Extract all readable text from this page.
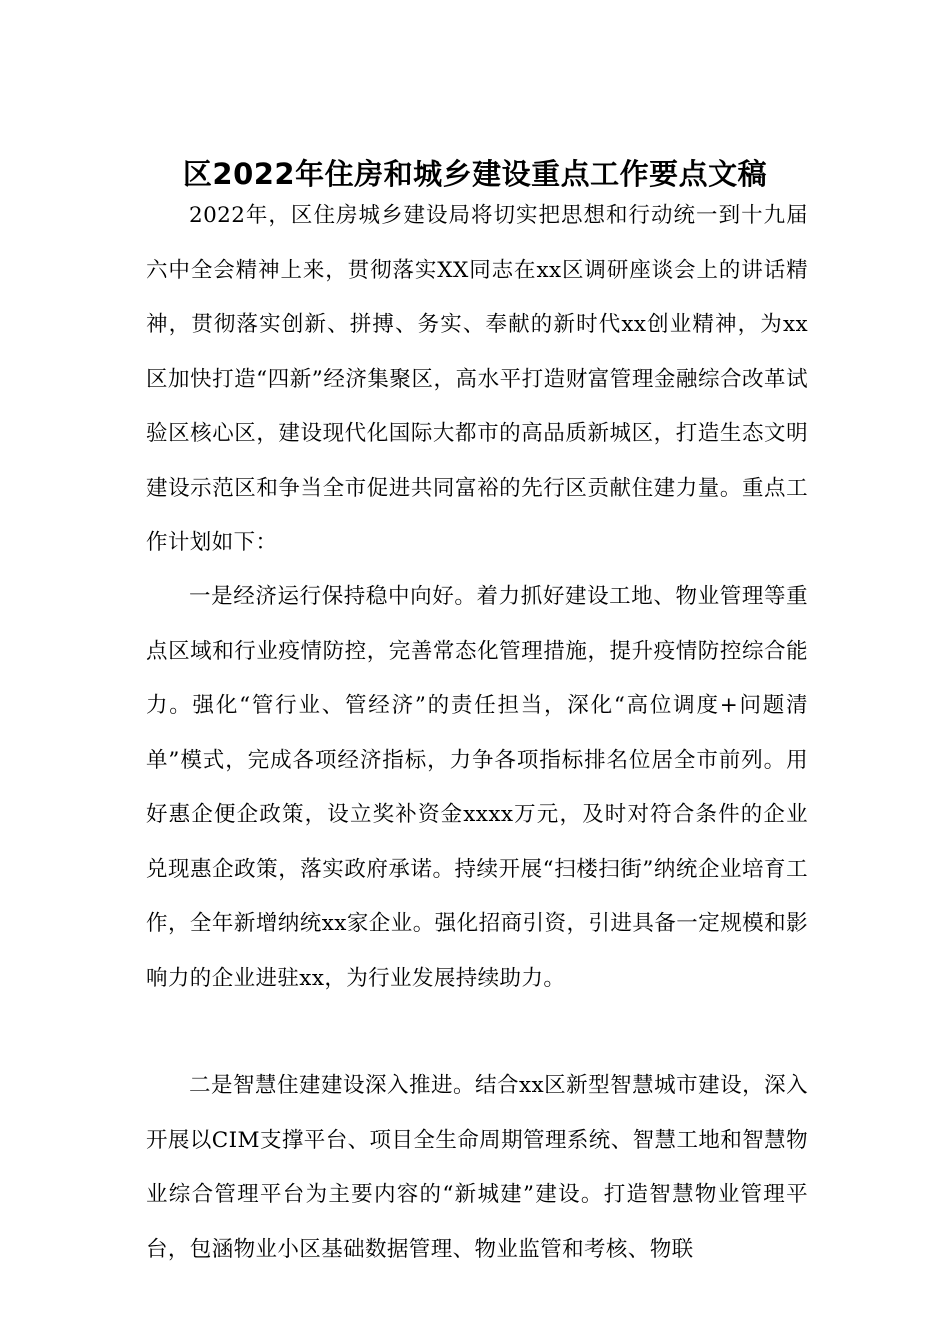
区2022年住房和城乡建设重点工作要点文稿

2022年，区住房城乡建设局将切实把思想和行动统一到十九届六中全会精神上来，贯彻落实XX同志在xx区调研座谈会上的讲话精神，贯彻落实创新、拼搏、务实、奉献的新时代xx创业精神，为xx区加快打造“四新”经济集聚区，高水平打造财富管理金融综合改革试验区核心区，建设现代化国际大都市的高品质新城区，打造生态文明建设示范区和争当全市促进共同富裕的先行区贡献住建力量。重点工作计划如下：

一是经济运行保持稳中向好。着力抓好建设工地、物业管理等重点区域和行业疫情防控，完善常态化管理措施，提升疫情防控综合能力。强化“管行业、管经济”的责任担当，深化“高位调度+问题清单”模式，完成各项经济指标，力争各项指标排名位居全市前列。用好惠企便企政策，设立奖补资金xxxx万元，及时对符合条件的企业兑现惠企政策，落实政府承诺。持续开展“扫楼扫街”纳统企业培育工作，全年新增纳统xx家企业。强化招商引资，引进具备一定规模和影响力的企业进驻xx，为行业发展持续助力。

二是智慧住建建设深入推进。结合xx区新型智慧城市建设，深入开展以CIM支撑平台、项目全生命周期管理系统、智慧工地和智慧物业综合管理平台为主要内容的“新城建”建设。打造智慧物业管理平台，包涵物业小区基础数据管理、物业监管和考核、物联
